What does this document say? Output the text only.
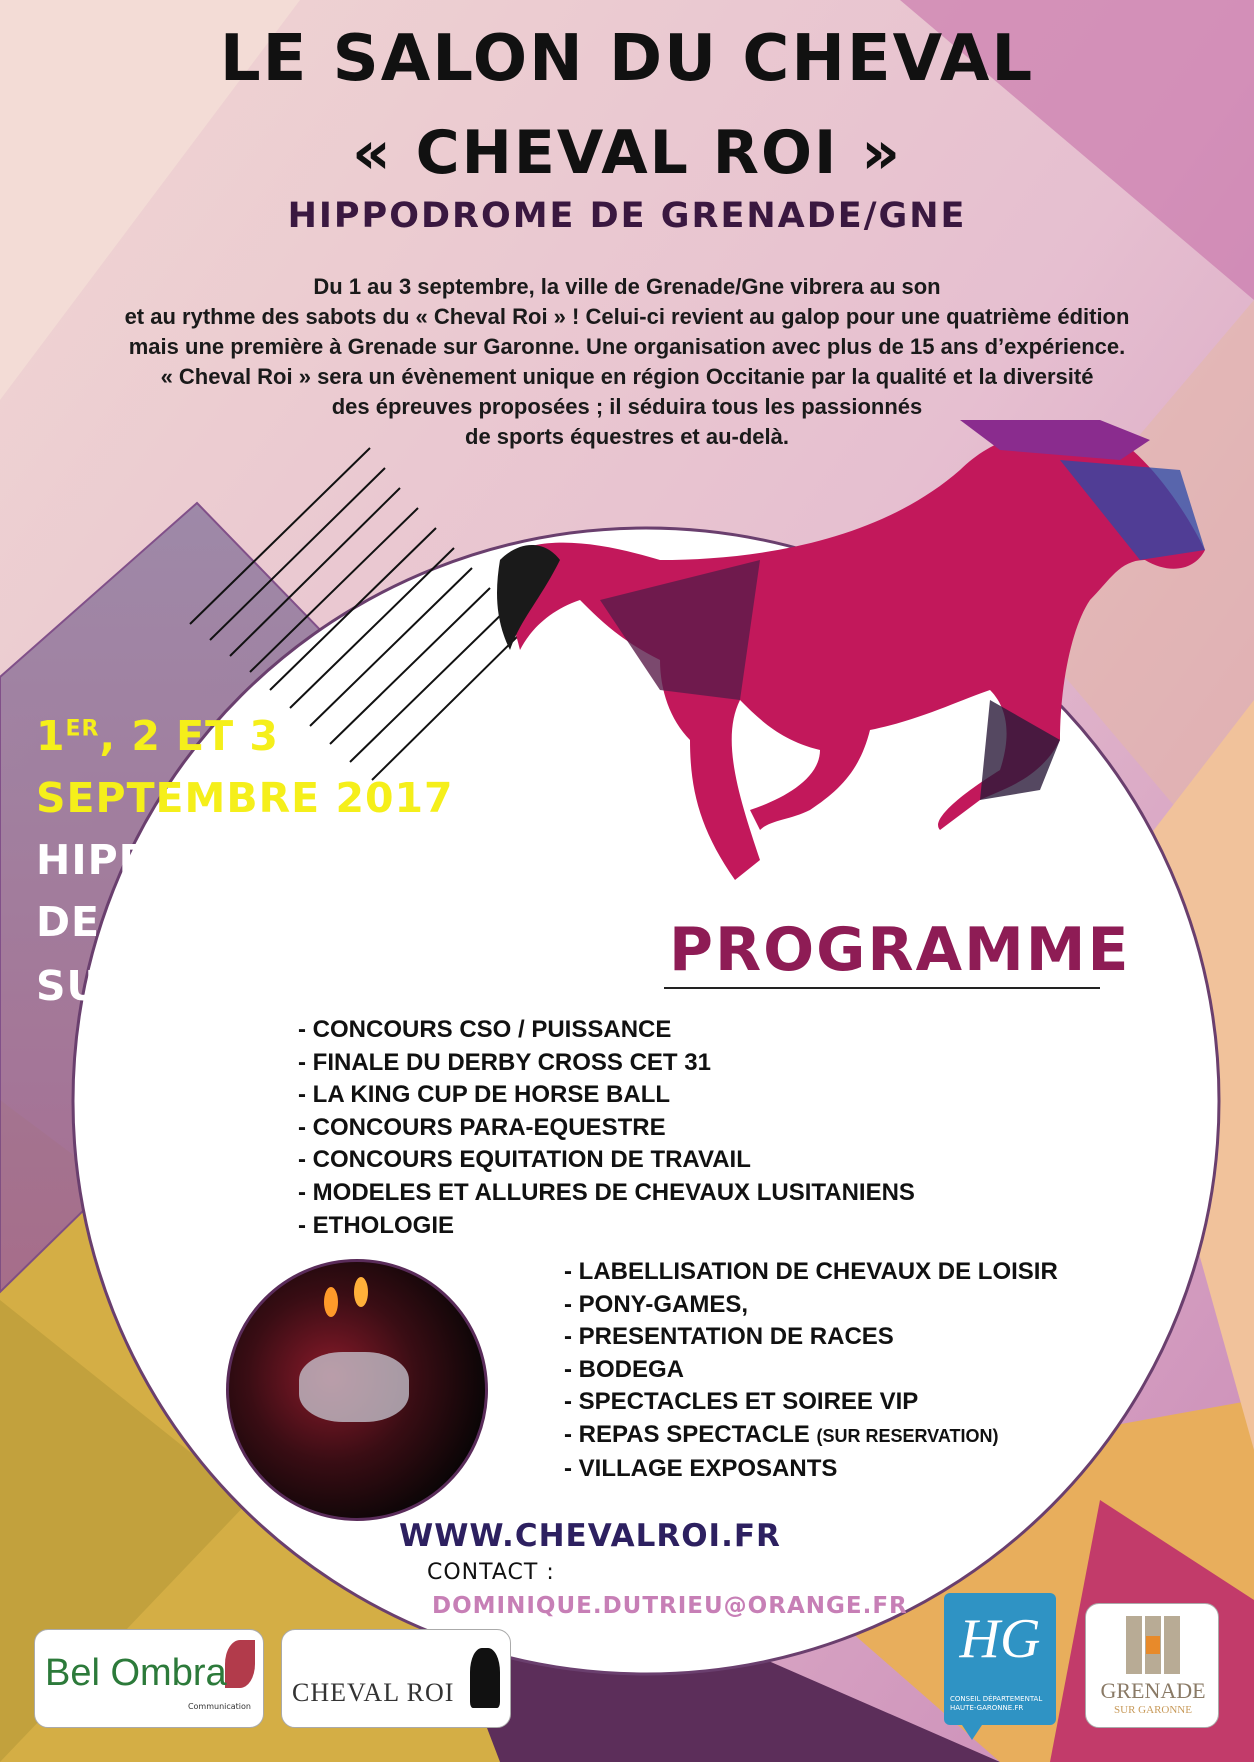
LE SALON DU CHEVAL
« CHEVAL ROI »
HIPPODROME DE GRENADE/GNE
Du 1 au 3 septembre, la ville de Grenade/Gne vibrera au son
et au rythme des sabots du « Cheval Roi » ! Celui-ci revient au galop pour une quatrième édition
mais une première à Grenade sur Garonne. Une organisation avec plus de 15 ans d’expérience.
« Cheval Roi » sera un évènement unique en région Occitanie par la qualité et la diversité
des épreuves proposées ; il séduira tous les passionnés
de sports équestres et au-delà.
1ER, 2 ET 3
SEPTEMBRE 2017
HIPPODROME
DE GRENADE
SUR GNE
PROGRAMME
- CONCOURS CSO / PUISSANCE
- FINALE DU DERBY CROSS CET 31
- LA KING CUP DE HORSE BALL
- CONCOURS PARA-EQUESTRE
- CONCOURS EQUITATION DE TRAVAIL
- MODELES ET ALLURES DE CHEVAUX LUSITANIENS
- ETHOLOGIE
- LABELLISATION DE CHEVAUX DE LOISIR
- PONY-GAMES,
- PRESENTATION DE RACES
- BODEGA
- SPECTACLES ET SOIREE VIP
- REPAS SPECTACLE (SUR RESERVATION)
- VILLAGE EXPOSANTS
WWW.CHEVALROI.FR
CONTACT :
DOMINIQUE.DUTRIEU@ORANGE.FR
Bel Ombra
Communication CHEVAL ROI
HG
CONSEIL DÉPARTEMENTAL
HAUTE-GARONNE.FR
GRENADE
SUR GARONNE
